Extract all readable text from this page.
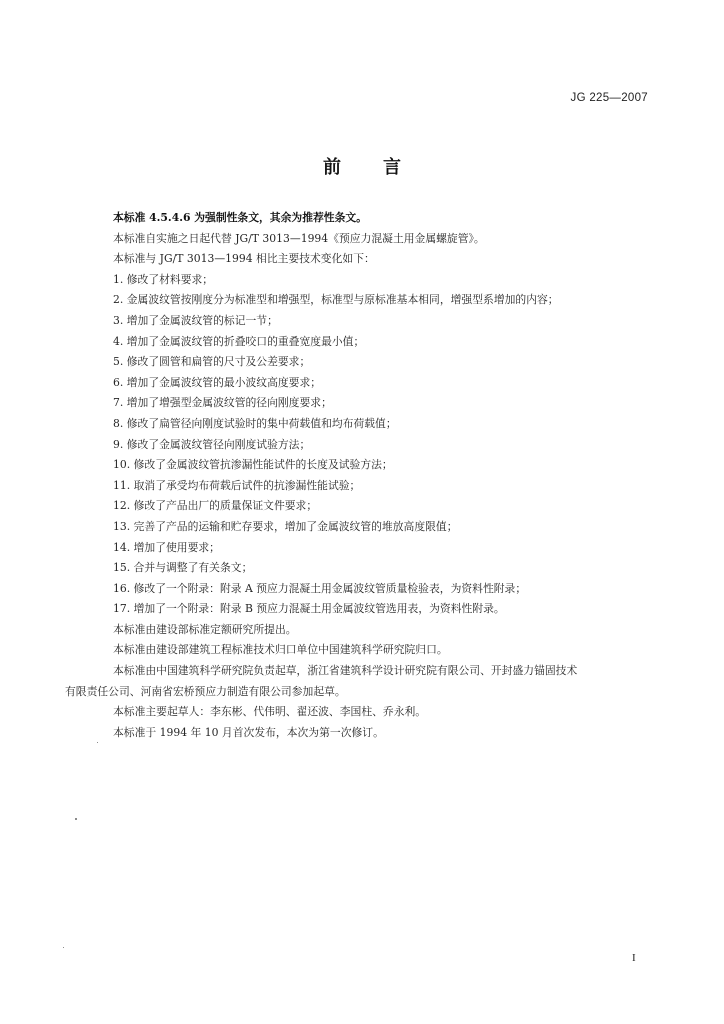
JG 225—2007
前言
本标准 4.5.4.6 为强制性条文，其余为推荐性条文。
本标准自实施之日起代替 JG/T 3013—1994《预应力混凝土用金属螺旋管》。
本标准与 JG/T 3013—1994 相比主要技术变化如下：
1. 修改了材料要求；
2. 金属波纹管按刚度分为标准型和增强型，标准型与原标准基本相同，增强型系增加的内容；
3. 增加了金属波纹管的标记一节；
4. 增加了金属波纹管的折叠咬口的重叠宽度最小值；
5. 修改了圆管和扁管的尺寸及公差要求；
6. 增加了金属波纹管的最小波纹高度要求；
7. 增加了增强型金属波纹管的径向刚度要求；
8. 修改了扁管径向刚度试验时的集中荷载值和均布荷载值；
9. 修改了金属波纹管径向刚度试验方法；
10. 修改了金属波纹管抗渗漏性能试件的长度及试验方法；
11. 取消了承受均布荷载后试件的抗渗漏性能试验；
12. 修改了产品出厂的质量保证文件要求；
13. 完善了产品的运输和贮存要求，增加了金属波纹管的堆放高度限值；
14. 增加了使用要求；
15. 合并与调整了有关条文；
16. 修改了一个附录：附录 A 预应力混凝土用金属波纹管质量检验表，为资料性附录；
17. 增加了一个附录：附录 B 预应力混凝土用金属波纹管选用表，为资料性附录。
本标准由建设部标准定额研究所提出。
本标准由建设部建筑工程标准技术归口单位中国建筑科学研究院归口。
本标准由中国建筑科学研究院负责起草，浙江省建筑科学设计研究院有限公司、开封盛力锚固技术
有限责任公司、河南省宏桥预应力制造有限公司参加起草。
本标准主要起草人：李东彬、代伟明、翟还波、李国柱、乔永利。
本标准于 1994 年 10 月首次发布，本次为第一次修订。
I
